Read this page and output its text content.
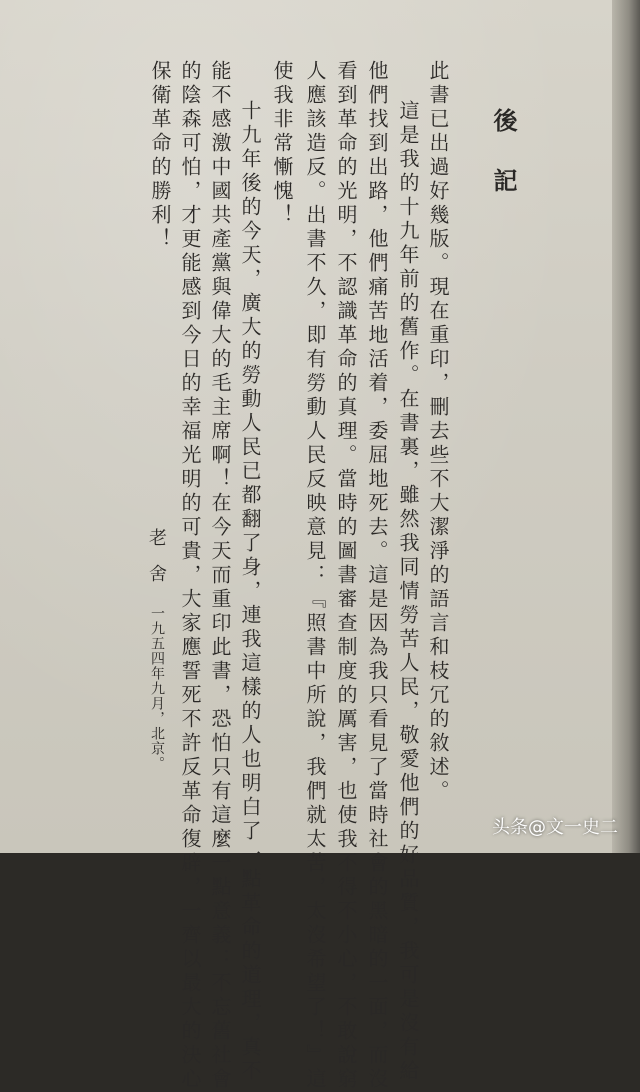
後記
此書已出過好幾版。現在重印，刪去些不大潔淨的語言和枝冗的敘述。
這是我的十九年前的舊作。在書裏，雖然我同情勞苦人民，敬愛他們的好品質，我可是沒有給
他們找到出路，他們痛苦地活着，委屈地死去。這是因為我只看見了當時社會的黑暗的一面，而沒
看到革命的光明，不認識革命的真理。當時的圖書審查制度的厲害，也使我不得不小心，不敢說窮
人應該造反。出書不久，即有勞動人民反映意見：『照書中所說，我們就太苦，太沒希望了！』這
使我非常慚愧！
十九年後的今天，廣大的勞動人民已都翻了身，連我這樣的人也明白了一點革命的道理，真不
能不感激中國共產黨與偉大的毛主席啊！在今天而重印此書，恐怕只有這麼一點意義：不忘舊社會
的陰森可怕，才更能感到今日的幸福光明的可貴，大家應誓死不許反革命復辟，一齊以最大的決心
保衛革命的勝利！
老舍
一九五四年九月，北京。
头条@文一史二
